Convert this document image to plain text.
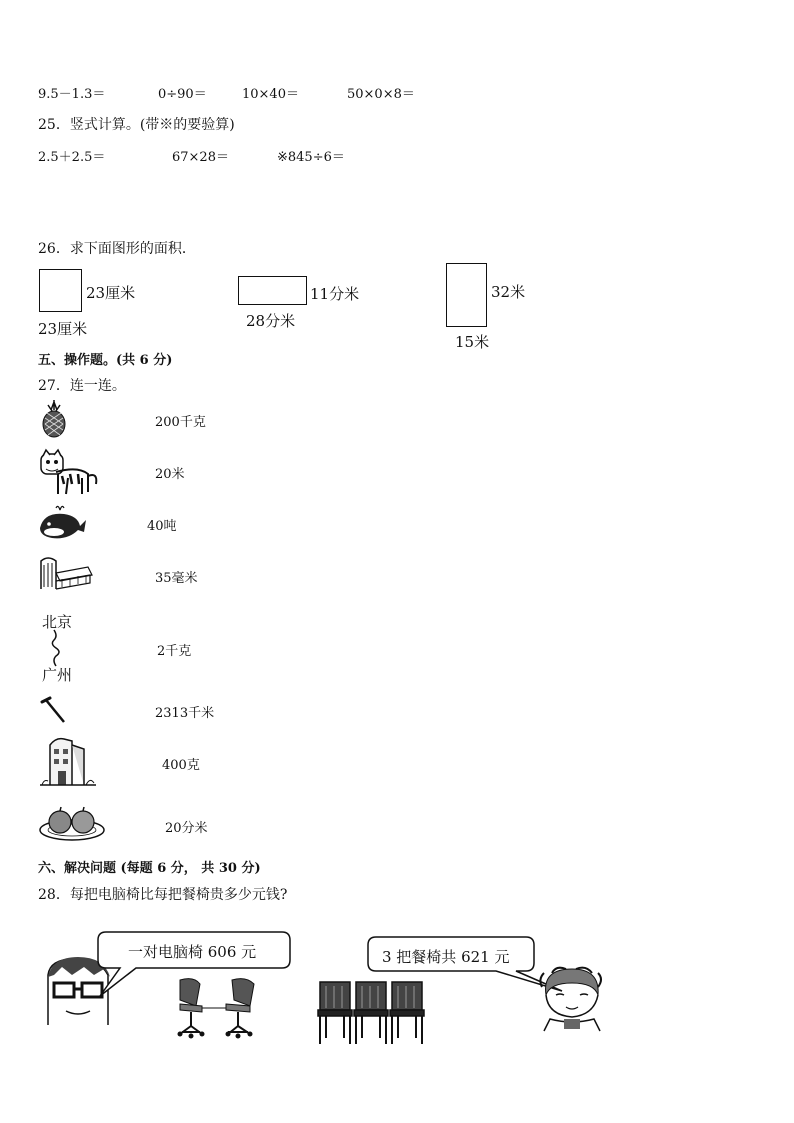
9.5－1.3＝	0÷90＝	10×40＝	50×0×8＝
25．竖式计算。(带※的要验算)
2.5＋2.5＝	67×28＝	※845÷6＝
26．求下面图形的面积．
23厘米
23厘米
11分米
28分米
32米
15米
五、操作题。(共 6 分)
27．连一连。
200千克
20米
40吨
35毫米
北京
广州
2千克
2313千米
400克
20分米
六、解决问题 (每题 6 分， 共 30 分)
28．每把电脑椅比每把餐椅贵多少元钱?
一对电脑椅 606 元	3 把餐椅共 621 元
